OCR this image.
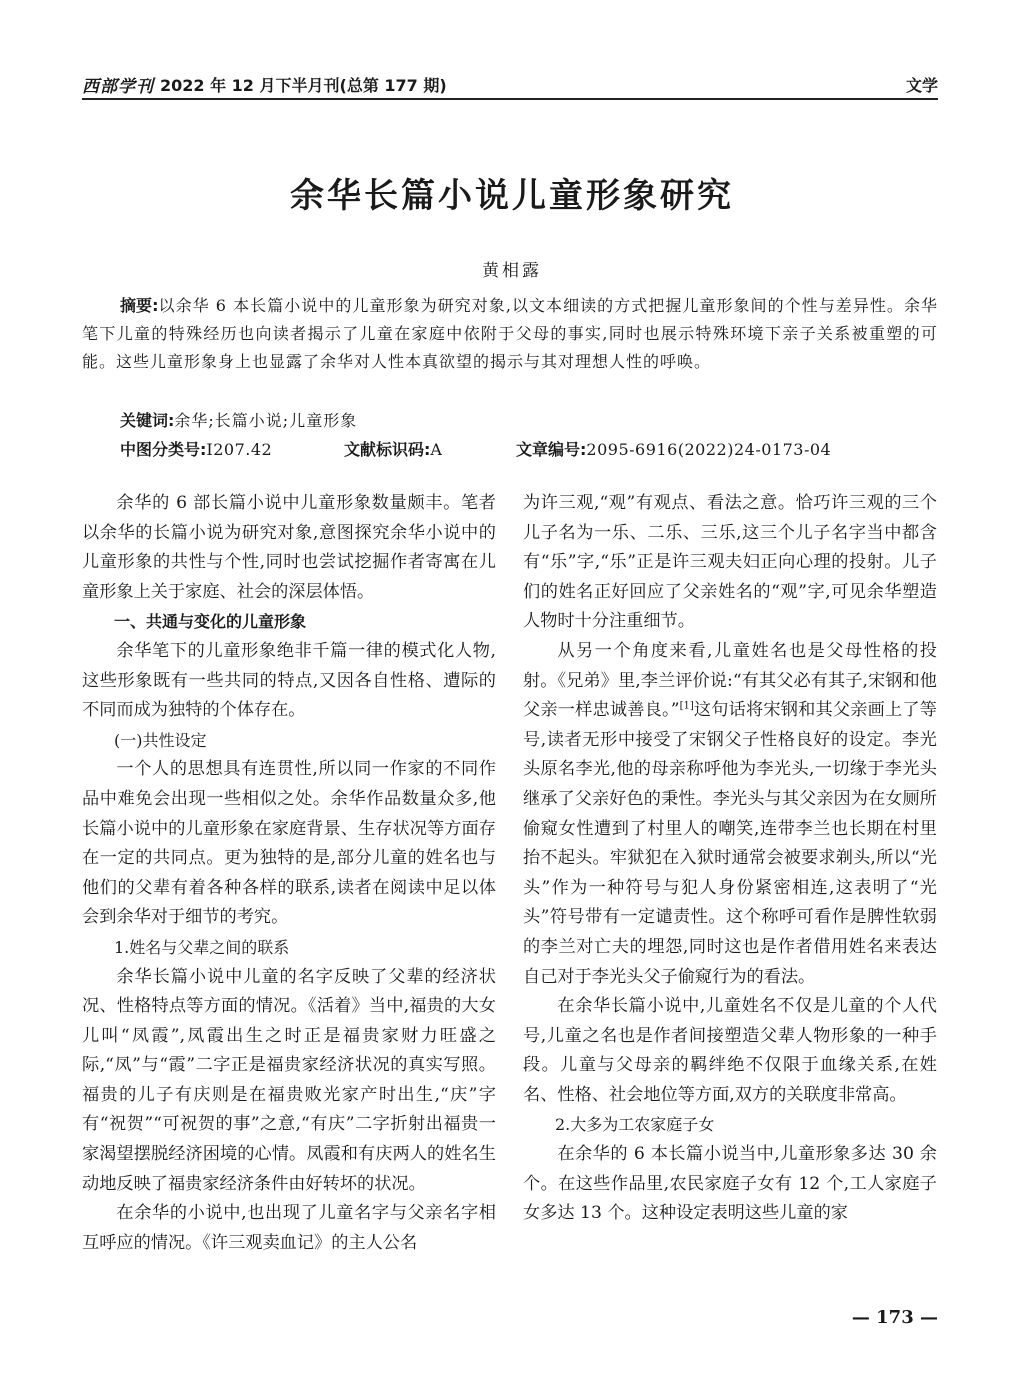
西部学刊 2022 年 12 月下半月刊(总第 177 期)	文学
余华长篇小说儿童形象研究
黄相露
摘要:以余华 6 本长篇小说中的儿童形象为研究对象,以文本细读的方式把握儿童形象间的个性与差异性。余华笔下儿童的特殊经历也向读者揭示了儿童在家庭中依附于父母的事实,同时也展示特殊环境下亲子关系被重塑的可能。这些儿童形象身上也显露了余华对人性本真欲望的揭示与其对理想人性的呼唤。
关键词:余华;长篇小说;儿童形象
中图分类号:I207.42	文献标识码:A	文章编号:2095-6916(2022)24-0173-04

余华的 6 部长篇小说中儿童形象数量颇丰。笔者以余华的长篇小说为研究对象,意图探究余华小说中的儿童形象的共性与个性,同时也尝试挖掘作者寄寓在儿童形象上关于家庭、社会的深层体悟。

一、共通与变化的儿童形象

余华笔下的儿童形象绝非千篇一律的模式化人物,这些形象既有一些共同的特点,又因各自性格、遭际的不同而成为独特的个体存在。

(一)共性设定

一个人的思想具有连贯性,所以同一作家的不同作品中难免会出现一些相似之处。余华作品数量众多,他长篇小说中的儿童形象在家庭背景、生存状况等方面存在一定的共同点。更为独特的是,部分儿童的姓名也与他们的父辈有着各种各样的联系,读者在阅读中足以体会到余华对于细节的考究。

1.姓名与父辈之间的联系

余华长篇小说中儿童的名字反映了父辈的经济状况、性格特点等方面的情况。《活着》当中,福贵的大女儿叫“凤霞”,凤霞出生之时正是福贵家财力旺盛之际,“凤”与“霞”二字正是福贵家经济状况的真实写照。福贵的儿子有庆则是在福贵败光家产时出生,“庆”字有“祝贺”“可祝贺的事”之意,“有庆”二字折射出福贵一家渴望摆脱经济困境的心情。凤霞和有庆两人的姓名生动地反映了福贵家经济条件由好转坏的状况。

在余华的小说中,也出现了儿童名字与父亲名字相互呼应的情况。《许三观卖血记》的主人公名

为许三观,“观”有观点、看法之意。恰巧许三观的三个儿子名为一乐、二乐、三乐,这三个儿子名字当中都含有“乐”字,“乐”正是许三观夫妇正向心理的投射。儿子们的姓名正好回应了父亲姓名的“观”字,可见余华塑造人物时十分注重细节。

从另一个角度来看,儿童姓名也是父母性格的投射。《兄弟》里,李兰评价说:“有其父必有其子,宋钢和他父亲一样忠诚善良。”[1]这句话将宋钢和其父亲画上了等号,读者无形中接受了宋钢父子性格良好的设定。李光头原名李光,他的母亲称呼他为李光头,一切缘于李光头继承了父亲好色的秉性。李光头与其父亲因为在女厕所偷窥女性遭到了村里人的嘲笑,连带李兰也长期在村里抬不起头。牢狱犯在入狱时通常会被要求剃头,所以“光头”作为一种符号与犯人身份紧密相连,这表明了“光头”符号带有一定谴责性。这个称呼可看作是脾性软弱的李兰对亡夫的埋怨,同时这也是作者借用姓名来表达自己对于李光头父子偷窥行为的看法。

在余华长篇小说中,儿童姓名不仅是儿童的个人代号,儿童之名也是作者间接塑造父辈人物形象的一种手段。儿童与父母亲的羁绊绝不仅限于血缘关系,在姓名、性格、社会地位等方面,双方的关联度非常高。

2.大多为工农家庭子女

在余华的 6 本长篇小说当中,儿童形象多达 30 余个。在这些作品里,农民家庭子女有 12 个,工人家庭子女多达 13 个。这种设定表明这些儿童的家

— 173 —
